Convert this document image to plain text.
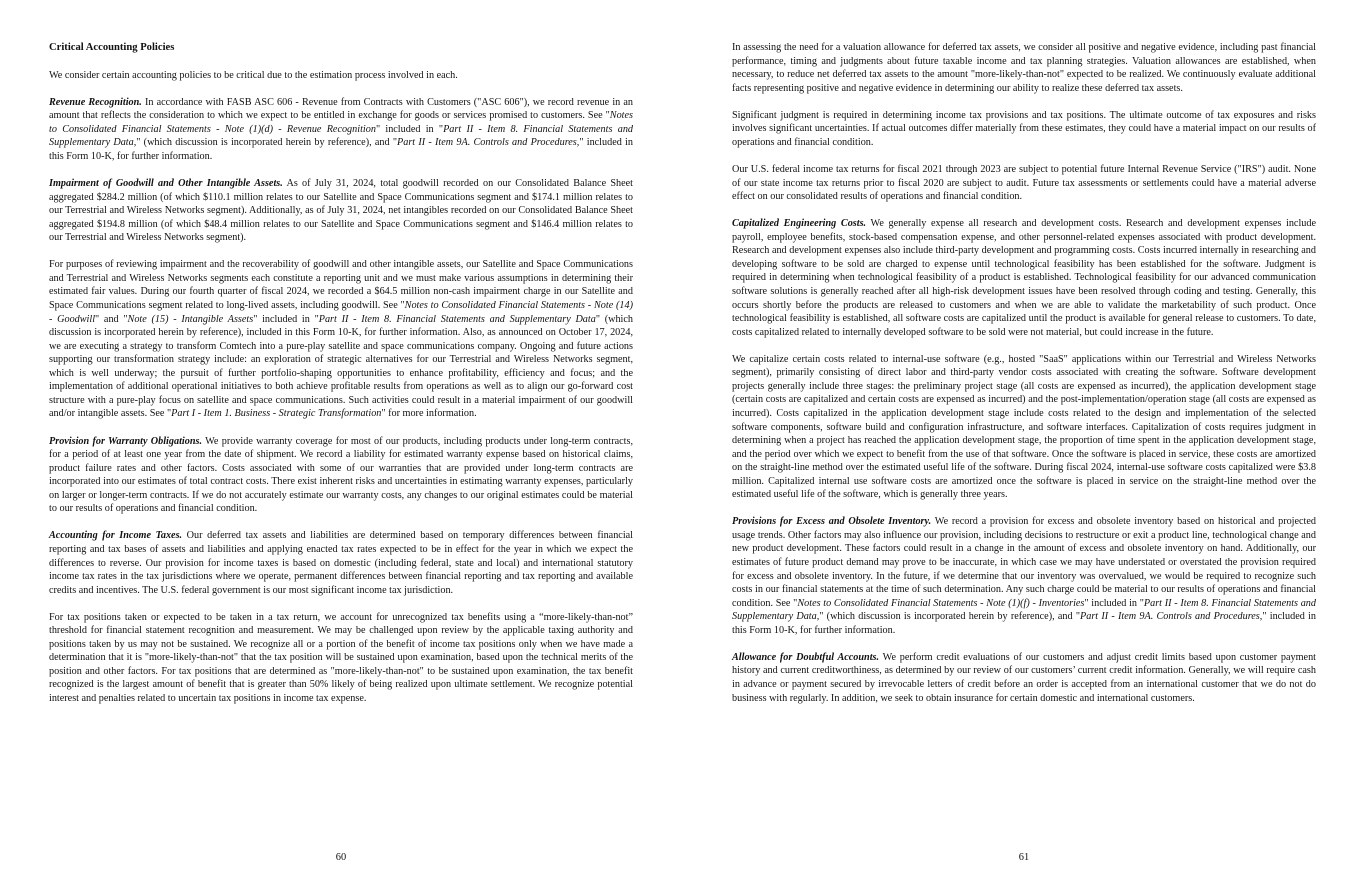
Critical Accounting Policies

We consider certain accounting policies to be critical due to the estimation process involved in each.

Revenue Recognition. In accordance with FASB ASC 606 - Revenue from Contracts with Customers ("ASC 606"), we record revenue in an amount that reflects the consideration to which we expect to be entitled in exchange for goods or services promised to customers. See "Notes to Consolidated Financial Statements - Note (1)(d) - Revenue Recognition" included in "Part II - Item 8. Financial Statements and Supplementary Data," (which discussion is incorporated herein by reference), and "Part II - Item 9A. Controls and Procedures," included in this Form 10-K, for further information.

Impairment of Goodwill and Other Intangible Assets. As of July 31, 2024, total goodwill recorded on our Consolidated Balance Sheet aggregated $284.2 million (of which $110.1 million relates to our Satellite and Space Communications segment and $174.1 million relates to our Terrestrial and Wireless Networks segment). Additionally, as of July 31, 2024, net intangibles recorded on our Consolidated Balance Sheet aggregated $194.8 million (of which $48.4 million relates to our Satellite and Space Communications segment and $146.4 million relates to our Terrestrial and Wireless Networks segment).

For purposes of reviewing impairment and the recoverability of goodwill and other intangible assets, our Satellite and Space Communications and Terrestrial and Wireless Networks segments each constitute a reporting unit and we must make various assumptions in determining their estimated fair values. During our fourth quarter of fiscal 2024, we recorded a $64.5 million non-cash impairment charge in our Satellite and Space Communications segment related to long-lived assets, including goodwill. See "Notes to Consolidated Financial Statements - Note (14) - Goodwill" and "Note (15) - Intangible Assets" included in "Part II - Item 8. Financial Statements and Supplementary Data" (which discussion is incorporated herein by reference), included in this Form 10-K, for further information. Also, as announced on October 17, 2024, we are executing a strategy to transform Comtech into a pure-play satellite and space communications company. Ongoing and future actions supporting our transformation strategy include: an exploration of strategic alternatives for our Terrestrial and Wireless Networks segment, which is well underway; the pursuit of further portfolio-shaping opportunities to enhance profitability, efficiency and focus; and the implementation of additional operational initiatives to both achieve profitable results from operations as well as to align our go-forward cost structure with a pure-play focus on satellite and space communications. Such activities could result in a material impairment of our goodwill and/or intangible assets. See "Part I - Item 1. Business - Strategic Transformation" for more information.

Provision for Warranty Obligations. We provide warranty coverage for most of our products, including products under long-term contracts, for a period of at least one year from the date of shipment. We record a liability for estimated warranty expense based on historical claims, product failure rates and other factors. Costs associated with some of our warranties that are provided under long-term contracts are incorporated into our estimates of total contract costs. There exist inherent risks and uncertainties in estimating warranty expenses, particularly on larger or longer-term contracts. If we do not accurately estimate our warranty costs, any changes to our original estimates could be material to our results of operations and financial condition.

Accounting for Income Taxes. Our deferred tax assets and liabilities are determined based on temporary differences between financial reporting and tax bases of assets and liabilities and applying enacted tax rates expected to be in effect for the year in which we expect the differences to reverse. Our provision for income taxes is based on domestic (including federal, state and local) and international statutory income tax rates in the tax jurisdictions where we operate, permanent differences between financial reporting and tax reporting and available credits and incentives. The U.S. federal government is our most significant income tax jurisdiction.

For tax positions taken or expected to be taken in a tax return, we account for unrecognized tax benefits using a “more-likely-than-not” threshold for financial statement recognition and measurement. We may be challenged upon review by the applicable taxing authority and positions taken by us may not be sustained. We recognize all or a portion of the benefit of income tax positions only when we have made a determination that it is "more-likely-than-not" that the tax position will be sustained upon examination, based upon the technical merits of the position and other factors. For tax positions that are determined as "more-likely-than-not" to be sustained upon examination, the tax benefit recognized is the largest amount of benefit that is greater than 50% likely of being realized upon ultimate settlement. We recognize potential interest and penalties related to uncertain tax positions in income tax expense.

60

In assessing the need for a valuation allowance for deferred tax assets, we consider all positive and negative evidence, including past financial performance, timing and judgments about future taxable income and tax planning strategies. Valuation allowances are established, when necessary, to reduce net deferred tax assets to the amount "more-likely-than-not" expected to be realized. We continuously evaluate additional facts representing positive and negative evidence in determining our ability to realize these deferred tax assets.

Significant judgment is required in determining income tax provisions and tax positions. The ultimate outcome of tax exposures and risks involves significant uncertainties. If actual outcomes differ materially from these estimates, they could have a material impact on our results of operations and financial condition.

Our U.S. federal income tax returns for fiscal 2021 through 2023 are subject to potential future Internal Revenue Service ("IRS") audit. None of our state income tax returns prior to fiscal 2020 are subject to audit. Future tax assessments or settlements could have a material adverse effect on our consolidated results of operations and financial condition.

Capitalized Engineering Costs. We generally expense all research and development costs. Research and development expenses include payroll, employee benefits, stock-based compensation expense, and other personnel-related expenses associated with product development. Research and development expenses also include third-party development and programming costs. Costs incurred internally in researching and developing software to be sold are charged to expense until technological feasibility has been established for the software. Judgment is required in determining when technological feasibility of a product is established. Technological feasibility for our advanced communication software solutions is generally reached after all high-risk development issues have been resolved through coding and testing. Generally, this occurs shortly before the products are released to customers and when we are able to validate the marketability of such product. Once technological feasibility is established, all software costs are capitalized until the product is available for general release to customers. To date, costs capitalized related to internally developed software to be sold were not material, but could increase in the future.

We capitalize certain costs related to internal-use software (e.g., hosted "SaaS" applications within our Terrestrial and Wireless Networks segment), primarily consisting of direct labor and third-party vendor costs associated with creating the software. Software development projects generally include three stages: the preliminary project stage (all costs are expensed as incurred), the application development stage (certain costs are capitalized and certain costs are expensed as incurred) and the post-implementation/operation stage (all costs are expensed as incurred). Costs capitalized in the application development stage include costs related to the design and implementation of the selected software components, software build and configuration infrastructure, and software interfaces. Capitalization of costs requires judgment in determining when a project has reached the application development stage, the proportion of time spent in the application development stage, and the period over which we expect to benefit from the use of that software. Once the software is placed in service, these costs are amortized on the straight-line method over the estimated useful life of the software. During fiscal 2024, internal-use software costs capitalized were $3.8 million. Capitalized internal use software costs are amortized once the software is placed in service on the straight-line method over the estimated useful life of the software, which is generally three years.

Provisions for Excess and Obsolete Inventory. We record a provision for excess and obsolete inventory based on historical and projected usage trends. Other factors may also influence our provision, including decisions to restructure or exit a product line, technological change and new product development. These factors could result in a change in the amount of excess and obsolete inventory on hand. Additionally, our estimates of future product demand may prove to be inaccurate, in which case we may have understated or overstated the provision required for excess and obsolete inventory. In the future, if we determine that our inventory was overvalued, we would be required to recognize such costs in our financial statements at the time of such determination. Any such charge could be material to our results of operations and financial condition. See "Notes to Consolidated Financial Statements - Note (1)(f) - Inventories" included in "Part II - Item 8. Financial Statements and Supplementary Data," (which discussion is incorporated herein by reference), and "Part II - Item 9A. Controls and Procedures," included in this Form 10-K, for further information.

Allowance for Doubtful Accounts. We perform credit evaluations of our customers and adjust credit limits based upon customer payment history and current creditworthiness, as determined by our review of our customers’ current credit information. Generally, we will require cash in advance or payment secured by irrevocable letters of credit before an order is accepted from an international customer that we do not do business with regularly. In addition, we seek to obtain insurance for certain domestic and international customers.

61
